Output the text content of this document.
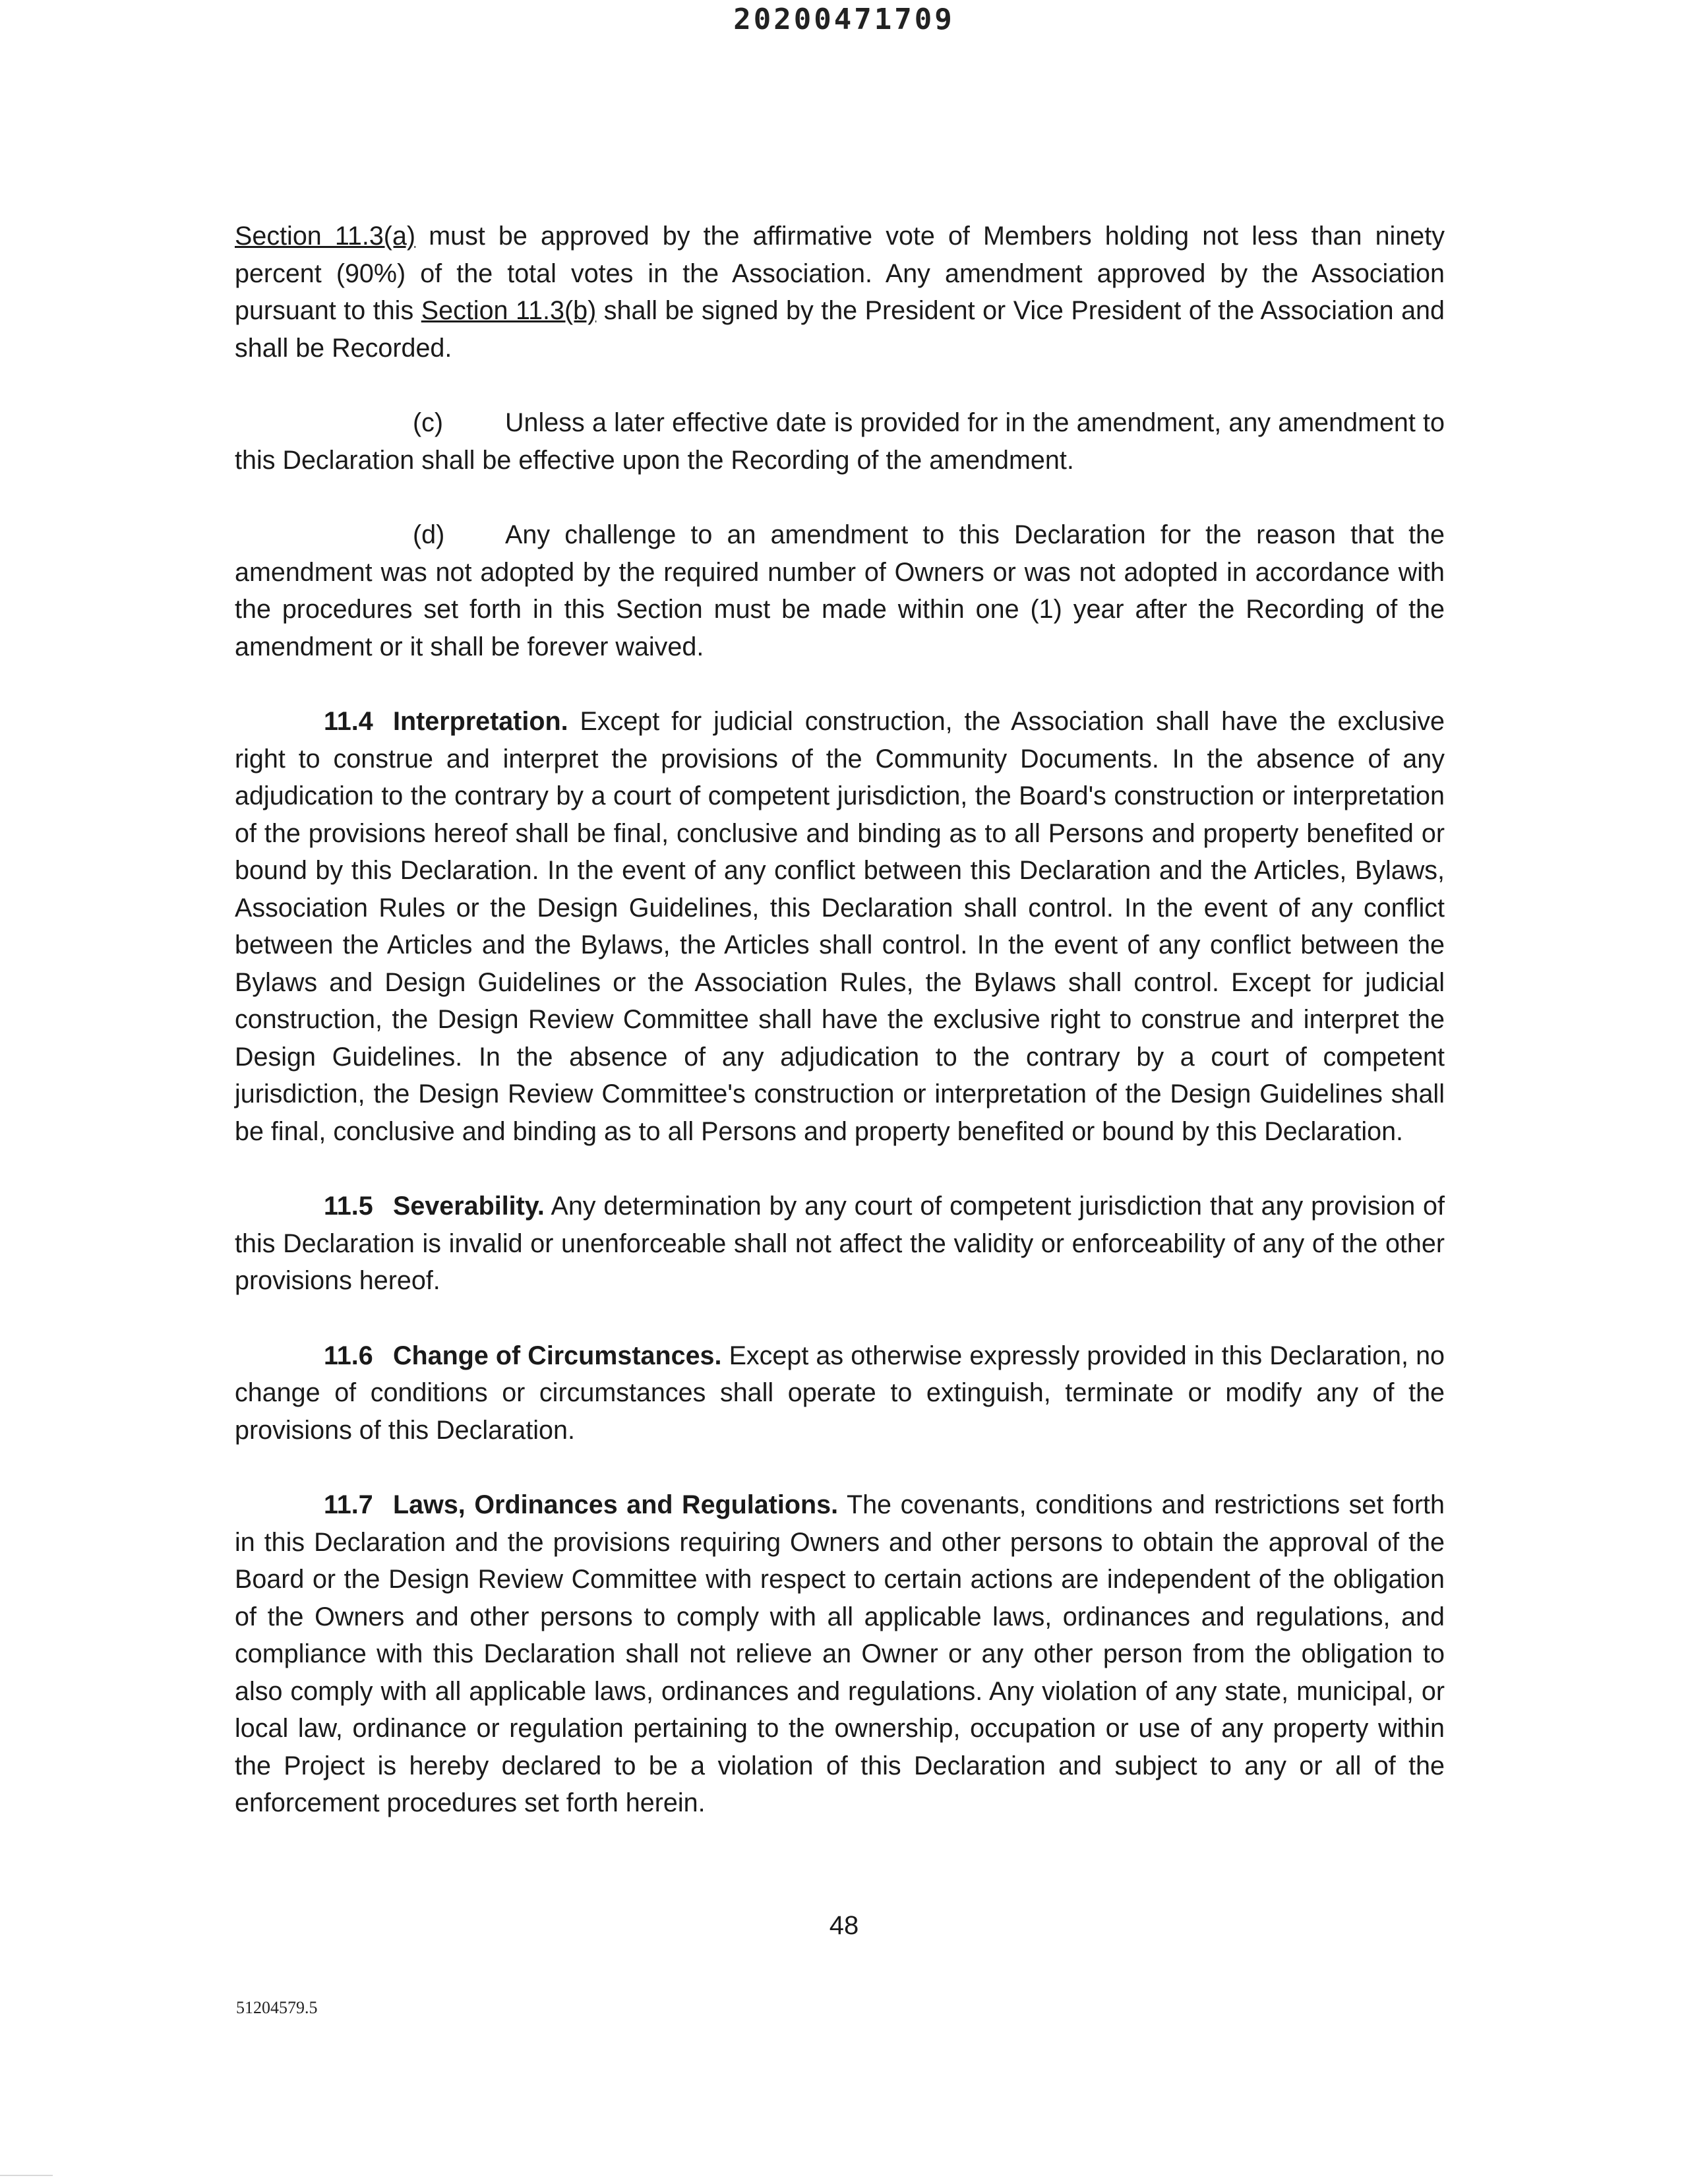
20200471709

Section 11.3(a) must be approved by the affirmative vote of Members holding not less than ninety percent (90%) of the total votes in the Association. Any amendment approved by the Association pursuant to this Section 11.3(b) shall be signed by the President or Vice President of the Association and shall be Recorded.

(c) Unless a later effective date is provided for in the amendment, any amendment to this Declaration shall be effective upon the Recording of the amendment.

(d) Any challenge to an amendment to this Declaration for the reason that the amendment was not adopted by the required number of Owners or was not adopted in accordance with the procedures set forth in this Section must be made within one (1) year after the Recording of the amendment or it shall be forever waived.

11.4 Interpretation. Except for judicial construction, the Association shall have the exclusive right to construe and interpret the provisions of the Community Documents. In the absence of any adjudication to the contrary by a court of competent jurisdiction, the Board's construction or interpretation of the provisions hereof shall be final, conclusive and binding as to all Persons and property benefited or bound by this Declaration. In the event of any conflict between this Declaration and the Articles, Bylaws, Association Rules or the Design Guidelines, this Declaration shall control. In the event of any conflict between the Articles and the Bylaws, the Articles shall control. In the event of any conflict between the Bylaws and Design Guidelines or the Association Rules, the Bylaws shall control. Except for judicial construction, the Design Review Committee shall have the exclusive right to construe and interpret the Design Guidelines. In the absence of any adjudication to the contrary by a court of competent jurisdiction, the Design Review Committee's construction or interpretation of the Design Guidelines shall be final, conclusive and binding as to all Persons and property benefited or bound by this Declaration.

11.5 Severability. Any determination by any court of competent jurisdiction that any provision of this Declaration is invalid or unenforceable shall not affect the validity or enforceability of any of the other provisions hereof.

11.6 Change of Circumstances. Except as otherwise expressly provided in this Declaration, no change of conditions or circumstances shall operate to extinguish, terminate or modify any of the provisions of this Declaration.

11.7 Laws, Ordinances and Regulations. The covenants, conditions and restrictions set forth in this Declaration and the provisions requiring Owners and other persons to obtain the approval of the Board or the Design Review Committee with respect to certain actions are independent of the obligation of the Owners and other persons to comply with all applicable laws, ordinances and regulations, and compliance with this Declaration shall not relieve an Owner or any other person from the obligation to also comply with all applicable laws, ordinances and regulations. Any violation of any state, municipal, or local law, ordinance or regulation pertaining to the ownership, occupation or use of any property within the Project is hereby declared to be a violation of this Declaration and subject to any or all of the enforcement procedures set forth herein.

48
51204579.5
